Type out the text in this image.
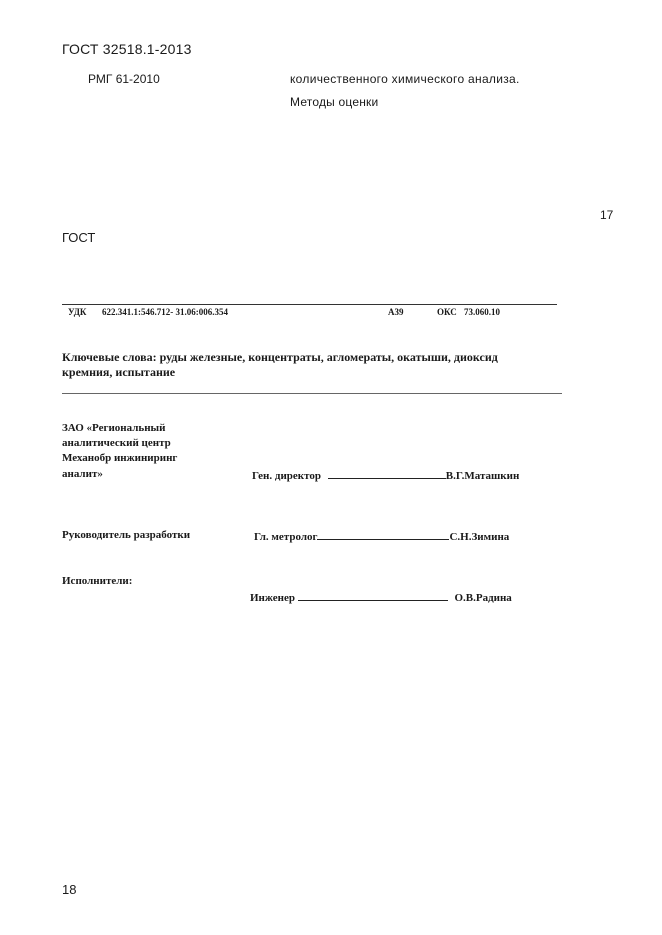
ГОСТ 32518.1-2013
РМГ 61-2010	количественного химического анализа.
Методы оценки
17
ГОСТ
УДК 622.341.1:546.712- 31.06:006.354	А39	ОКС 73.060.10
Ключевые слова: руды железные, концентраты, агломераты, окатыши, диоксид
кремния, испытание
ЗАО «Региональный
аналитический центр
Механобр инжиниринг
аналит»	Ген. директор	В.Г.Маташкин
Руководитель разработки	Гл. метролог	С.Н.Зимина
Исполнители:
Инженер	О.В.Радина
18
